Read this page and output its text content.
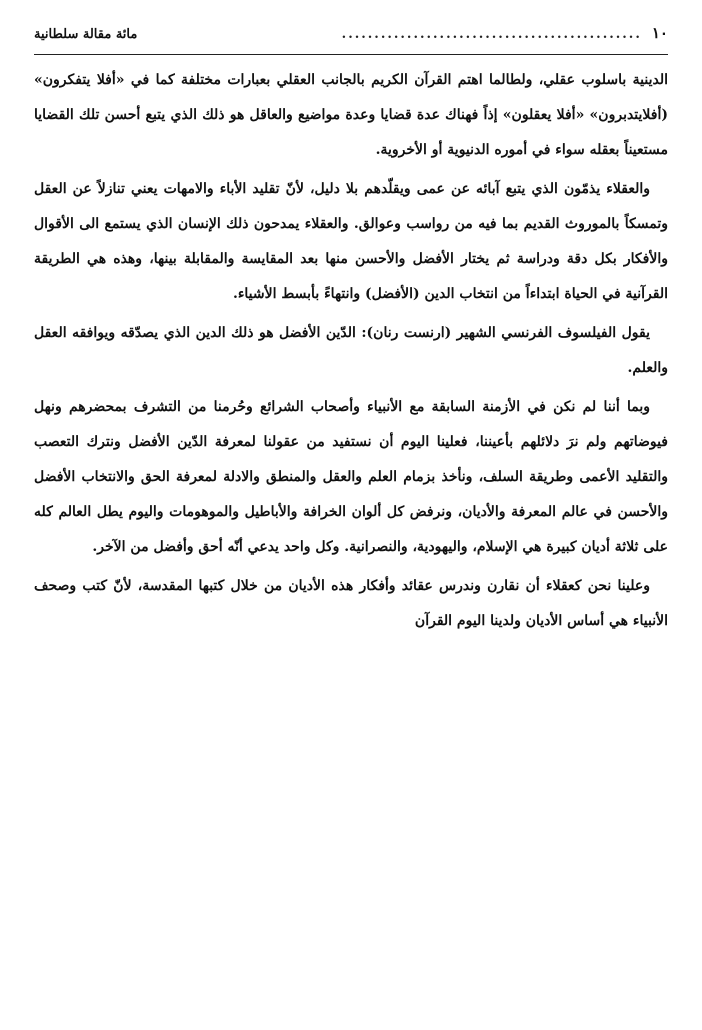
١٠
..............................................
مائة مقالة سلطانية

الدينية باسلوب عقلي، ولطالما اهتم القرآن الكريم بالجانب العقلي بعبارات مختلفة كما في «أفلا يتفكرون» (أفلايتدبرون» «أفلا يعقلون» إذاً فهناك عدة قضايا وعدة مواضيع والعاقل هو ذلك الذي يتبع أحسن تلك القضايا مستعيناً بعقله سواء في أموره الدنيوية أو الأخروية.

والعقلاء يذمّون الذي يتبع آبائه عن عمى ويقلّدهم بلا دليل، لأنّ تقليد الأباء والامهات يعني تنازلاً عن العقل وتمسكاً بالموروث القديم بما فيه من رواسب وعوالق. والعقلاء يمدحون ذلك الإنسان الذي يستمع الى الأقوال والأفكار بكل دقة ودراسة ثم يختار الأفضل والأحسن منها بعد المقايسة والمقابلة بينها، وهذه هي الطريقة القرآنية في الحياة ابتداءاً من انتخاب الدين (الأفضل) وانتهاءً بأبسط الأشياء.

يقول الفيلسوف الفرنسي الشهير (ارنست رنان): الدّين الأفضل هو ذلك الدين الذي يصدّقه ويوافقه العقل والعلم.

وبما أننا لم نكن في الأزمنة السابقة مع الأنبياء وأصحاب الشرائع وحُرمنا من التشرف بمحضرهم ونهل فيوضاتهم ولم نرَ دلائلهم بأعيننا، فعلينا اليوم أن نستفيد من عقولنا لمعرفة الدّين الأفضل ونترك التعصب والتقليد الأعمى وطريقة السلف، ونأخذ بزمام العلم والعقل والمنطق والادلة لمعرفة الحق والانتخاب الأفضل والأحسن في عالم المعرفة والأديان، ونرفض كل ألوان الخرافة والأباطيل والموهومات واليوم يطل العالم كله على ثلاثة أديان كبيرة هي الإسلام، واليهودية، والنصرانية. وكل واحد يدعي أنّه أحق وأفضل من الآخر.

وعلينا نحن كعقلاء أن نقارن وندرس عقائد وأفكار هذه الأديان من خلال كتبها المقدسة، لأنّ كتب وصحف الأنبياء هي أساس الأديان ولدينا اليوم القرآن
